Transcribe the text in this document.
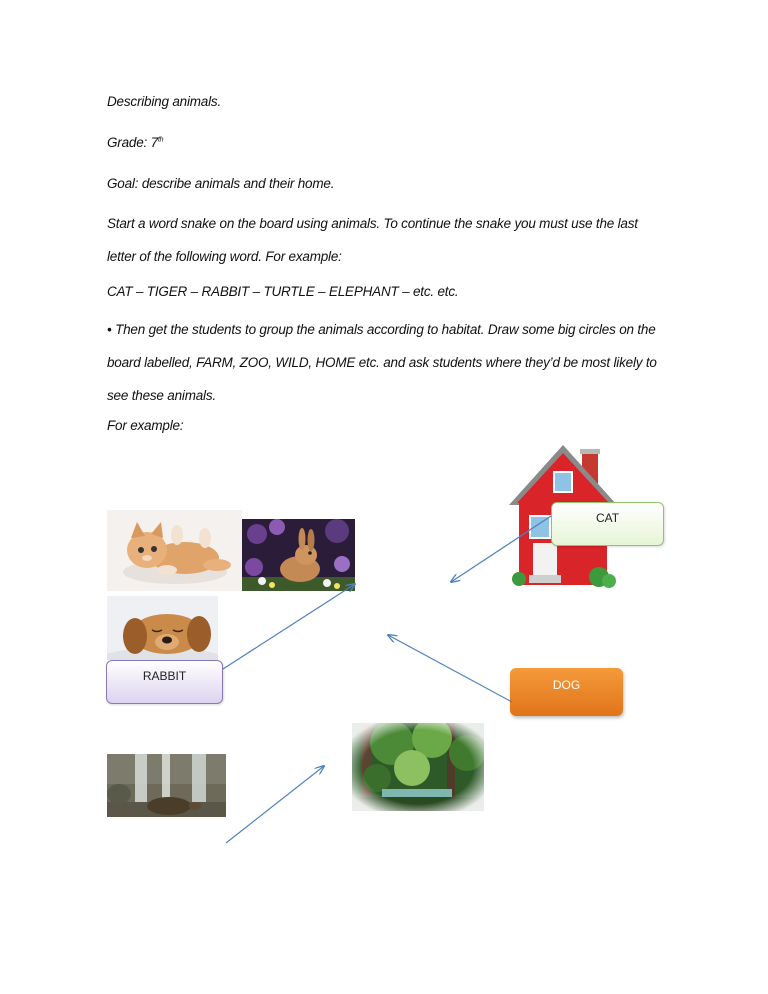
Describing animals.

Grade: 7th

Goal: describe animals and their home.

Start a word snake on the board using animals. To continue the snake you must use the last letter of the following word. For example:

CAT – TIGER – RABBIT – TURTLE – ELEPHANT – etc. etc.

• Then get the students to group the animals according to habitat. Draw some big circles on the board labelled, FARM, ZOO, WILD, HOME etc. and ask students where they’d be most likely to see these animals.

For example:

CAT
RABBIT
DOG
